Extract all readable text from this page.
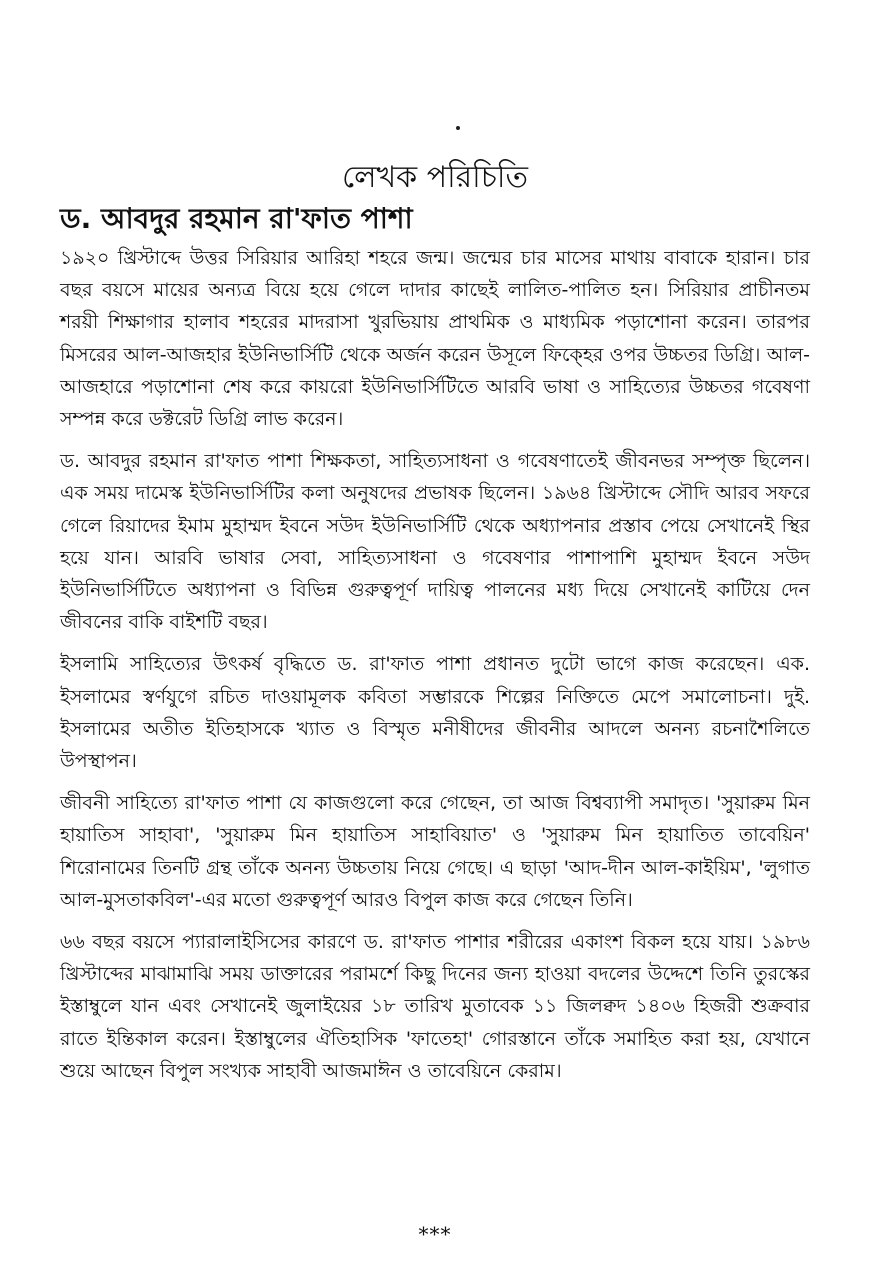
লেখক পরিচিতি
ড. আবদুর রহমান রা'ফাত পাশা

১৯২০ খ্রিস্টাব্দে উত্তর সিরিয়ার আরিহা শহরে জন্ম। জন্মের চার মাসের মাথায় বাবাকে হারান। চার বছর বয়সে মায়ের অন্যত্র বিয়ে হয়ে গেলে দাদার কাছেই লালিত-পালিত হন। সিরিয়ার প্রাচীনতম শরয়ী শিক্ষাগার হালাব শহরের মাদরাসা খুরভিয়ায় প্রাথমিক ও মাধ্যমিক পড়াশোনা করেন। তারপর মিসরের আল-আজহার ইউনিভার্সিটি থেকে অর্জন করেন উসূলে ফিক্হের ওপর উচ্চতর ডিগ্রি। আল-আজহারে পড়াশোনা শেষ করে কায়রো ইউনিভার্সিটিতে আরবি ভাষা ও সাহিত্যের উচ্চতর গবেষণা সম্পন্ন করে ডক্টরেট ডিগ্রি লাভ করেন।

ড. আবদুর রহমান রা'ফাত পাশা শিক্ষকতা, সাহিত্যসাধনা ও গবেষণাতেই জীবনভর সম্পৃক্ত ছিলেন। এক সময় দামেস্ক ইউনিভার্সিটির কলা অনুষদের প্রভাষক ছিলেন। ১৯৬৪ খ্রিস্টাব্দে সৌদি আরব সফরে গেলে রিয়াদের ইমাম মুহাম্মদ ইবনে সউদ ইউনিভার্সিটি থেকে অধ্যাপনার প্রস্তাব পেয়ে সেখানেই স্থির হয়ে যান। আরবি ভাষার সেবা, সাহিত্যসাধনা ও গবেষণার পাশাপাশি মুহাম্মদ ইবনে সউদ ইউনিভার্সিটিতে অধ্যাপনা ও বিভিন্ন গুরুত্বপূর্ণ দায়িত্ব পালনের মধ্য দিয়ে সেখানেই কাটিয়ে দেন জীবনের বাকি বাইশটি বছর।

ইসলামি সাহিত্যের উৎকর্ষ বৃদ্ধিতে ড. রা'ফাত পাশা প্রধানত দুটো ভাগে কাজ করেছেন। এক. ইসলামের স্বর্ণযুগে রচিত দাওয়ামূলক কবিতা সম্ভারকে শিল্পের নিক্তিতে মেপে সমালোচনা। দুই. ইসলামের অতীত ইতিহাসকে খ্যাত ও বিস্মৃত মনীষীদের জীবনীর আদলে অনন্য রচনাশৈলিতে উপস্থাপন।

জীবনী সাহিত্যে রা'ফাত পাশা যে কাজগুলো করে গেছেন, তা আজ বিশ্বব্যাপী সমাদৃত। 'সুয়ারুম মিন হায়াতিস সাহাবা', 'সুয়ারুম মিন হায়াতিস সাহাবিয়াত' ও 'সুয়ারুম মিন হায়াতিত তাবেয়িন' শিরোনামের তিনটি গ্রন্থ তাঁকে অনন্য উচ্চতায় নিয়ে গেছে। এ ছাড়া 'আদ-দীন আল-কাইয়িম', 'লুগাত আল-মুসতাকবিল'-এর মতো গুরুত্বপূর্ণ আরও বিপুল কাজ করে গেছেন তিনি।

৬৬ বছর বয়সে প্যারালাইসিসের কারণে ড. রা'ফাত পাশার শরীরের একাংশ বিকল হয়ে যায়। ১৯৮৬ খ্রিস্টাব্দের মাঝামাঝি সময় ডাক্তারের পরামর্শে কিছু দিনের জন্য হাওয়া বদলের উদ্দেশে তিনি তুরস্কের ইস্তাম্বুলে যান এবং সেখানেই জুলাইয়ের ১৮ তারিখ মুতাবেক ১১ জিলক্বদ ১৪০৬ হিজরী শুক্রবার রাতে ইন্তিকাল করেন। ইস্তাম্বুলের ঐতিহাসিক 'ফাতেহা' গোরস্তানে তাঁকে সমাহিত করা হয়, যেখানে শুয়ে আছেন বিপুল সংখ্যক সাহাবী আজমাঈন ও তাবেয়িনে কেরাম।

***
